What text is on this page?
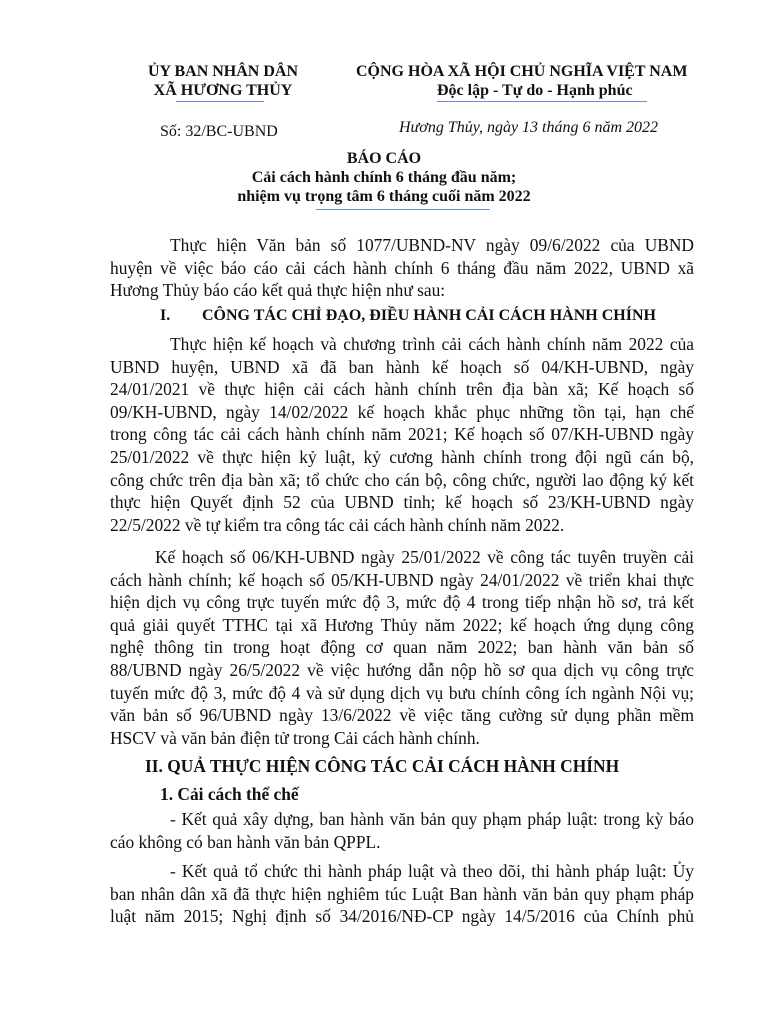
ỦY BAN NHÂN DÂN
XÃ HƯƠNG THỦY
CỘNG HÒA XÃ HỘI CHỦ NGHĨA VIỆT NAM
Độc lập - Tự do - Hạnh phúc
Số: 32/BC-UBND	Hương Thủy, ngày 13 tháng 6 năm 2022
BÁO CÁO
Cải cách hành chính 6 tháng đầu năm;
nhiệm vụ trọng tâm 6 tháng cuối năm 2022
Thực hiện Văn bản số 1077/UBND-NV ngày 09/6/2022 của UBND
huyện về việc báo cáo cải cách hành chính 6 tháng đầu năm 2022, UBND xã
Hương Thủy báo cáo kết quả thực hiện như sau:
I. CÔNG TÁC CHỈ ĐẠO, ĐIỀU HÀNH CẢI CÁCH HÀNH CHÍNH
Thực hiện kế hoạch và chương trình cải cách hành chính năm 2022 của
UBND huyện, UBND xã đã ban hành kế hoạch số 04/KH-UBND, ngày
24/01/2021 về thực hiện cải cách hành chính trên địa bàn xã; Kế hoạch số
09/KH-UBND, ngày 14/02/2022 kế hoạch khắc phục những tồn tại, hạn chế
trong công tác cải cách hành chính năm 2021; Kế hoạch số 07/KH-UBND ngày
25/01/2022 về thực hiện kỷ luật, kỷ cương hành chính trong đội ngũ cán bộ,
công chức trên địa bàn xã; tổ chức cho cán bộ, công chức, người lao động ký kết
thực hiện Quyết định 52 của UBND tỉnh; kế hoạch số 23/KH-UBND ngày
22/5/2022 về tự kiểm tra công tác cải cách hành chính năm 2022.
Kế hoạch số 06/KH-UBND ngày 25/01/2022 về công tác tuyên truyền cải
cách hành chính; kế hoạch số 05/KH-UBND ngày 24/01/2022 về triển khai thực
hiện dịch vụ công trực tuyến mức độ 3, mức độ 4 trong tiếp nhận hồ sơ, trả kết
quả giải quyết TTHC tại xã Hương Thủy năm 2022; kế hoạch ứng dụng công
nghệ thông tin trong hoạt động cơ quan năm 2022; ban hành văn bản số
88/UBND ngày 26/5/2022 về việc hướng dẫn nộp hồ sơ qua dịch vụ công trực
tuyến mức độ 3, mức độ 4 và sử dụng dịch vụ bưu chính công ích ngành Nội vụ;
văn bản số 96/UBND ngày 13/6/2022 về việc tăng cường sử dụng phần mềm
HSCV và văn bản điện tử trong Cải cách hành chính.
II. QUẢ THỰC HIỆN CÔNG TÁC CẢI CÁCH HÀNH CHÍNH
1. Cải cách thể chế
- Kết quả xây dựng, ban hành văn bản quy phạm pháp luật: trong kỳ báo
cáo không có ban hành văn bản QPPL.
- Kết quả tổ chức thi hành pháp luật và theo dõi, thi hành pháp luật: Ủy
ban nhân dân xã đã thực hiện nghiêm túc Luật Ban hành văn bản quy phạm pháp
luật năm 2015; Nghị định số 34/2016/NĐ-CP ngày 14/5/2016 của Chính phủ
